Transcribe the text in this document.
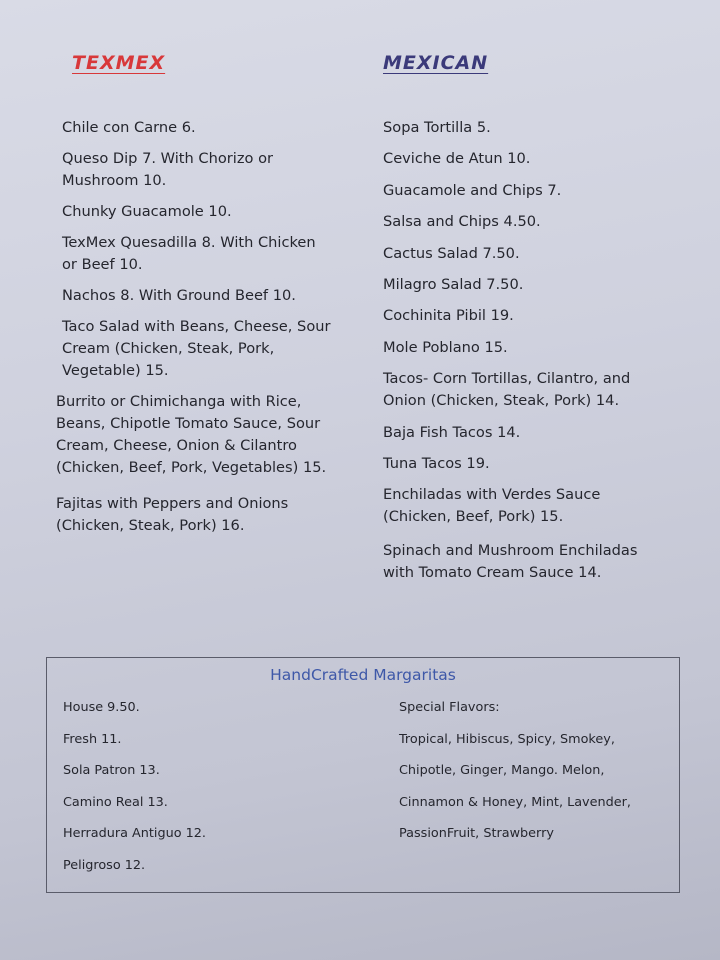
TEXMEX	MEXICAN
Chile con Carne 6.
Queso Dip 7. With Chorizo or Mushroom 10.
Chunky Guacamole 10.
TexMex Quesadilla 8. With Chicken or Beef 10.
Nachos 8. With Ground Beef 10.
Taco Salad with Beans, Cheese, Sour Cream (Chicken, Steak, Pork, Vegetable) 15.
Burrito or Chimichanga with Rice, Beans, Chipotle Tomato Sauce, Sour Cream, Cheese, Onion & Cilantro (Chicken, Beef, Pork, Vegetables) 15.
Fajitas with Peppers and Onions (Chicken, Steak, Pork) 16.
Sopa Tortilla 5.
Ceviche de Atun 10.
Guacamole and Chips 7.
Salsa and Chips 4.50.
Cactus Salad 7.50.
Milagro Salad 7.50.
Cochinita Pibil 19.
Mole Poblano 15.
Tacos- Corn Tortillas, Cilantro, and Onion (Chicken, Steak, Pork) 14.
Baja Fish Tacos 14.
Tuna Tacos 19.
Enchiladas with Verdes Sauce (Chicken, Beef, Pork) 15.
Spinach and Mushroom Enchiladas with Tomato Cream Sauce 14.
HandCrafted Margaritas
House 9.50.
Fresh 11.
Sola Patron 13.
Camino Real 13.
Herradura Antiguo 12.
Peligroso 12.
Special Flavors:
Tropical, Hibiscus, Spicy, Smokey,
Chipotle, Ginger, Mango. Melon,
Cinnamon & Honey, Mint, Lavender,
PassionFruit, Strawberry
